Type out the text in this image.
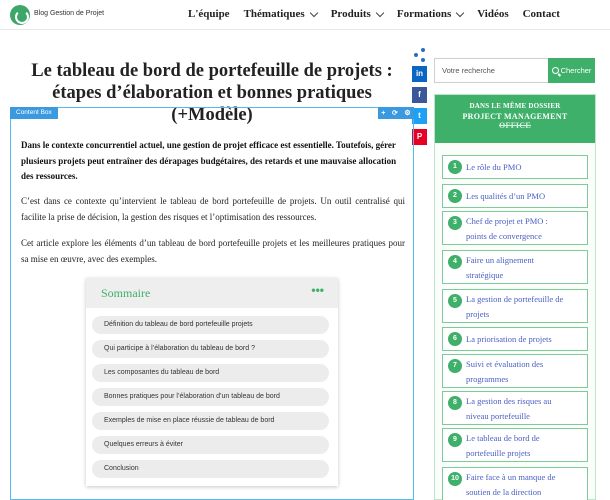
Blog Gestion de Projet	L'équipe Thématiques Produits Formations Vidéos Contact
Le tableau de bord de portefeuille de projets :
étapes d’élaboration et bonnes pratiques (+Modèle)
in
f
t
P
Content Box	+ ⟳ ⚙
Dans le contexte concurrentiel actuel, une gestion de projet efficace est essentielle. Toutefois, gérer plusieurs projets peut entraîner des dérapages budgétaires, des retards et une mauvaise allocation des ressources.
C’est dans ce contexte qu’intervient le tableau de bord portefeuille de projets. Un outil centralisé qui facilite la prise de décision, la gestion des risques et l’optimisation des ressources.
Cet article explore les éléments d’un tableau de bord portefeuille projets et les meilleures pratiques pour sa mise en œuvre, avec des exemples.
Sommaire	•••
Définition du tableau de bord portefeuille projets
Qui participe à l’élaboration du tableau de bord ?
Les composantes du tableau de bord
Bonnes pratiques pour l’élaboration d’un tableau de bord
Exemples de mise en place réussie de tableau de bord
Quelques erreurs à éviter
Conclusion
Votre recherche	Chercher
DANS LE MÊME DOSSIER
PROJECT MANAGEMENT
OFFICE
1	Le rôle du PMO
2	Les qualités d’un PMO
3	Chef de projet et PMO :
points de convergence
4	Faire un alignement
stratégique
5	La gestion de portefeuille de
projets
6	La priorisation de projets
7	Suivi et évaluation des
programmes
8	La gestion des risques au
niveau portefeuille
9	Le tableau de bord de
portefeuille projets
10 Faire face à un manque de
soutien de la direction
